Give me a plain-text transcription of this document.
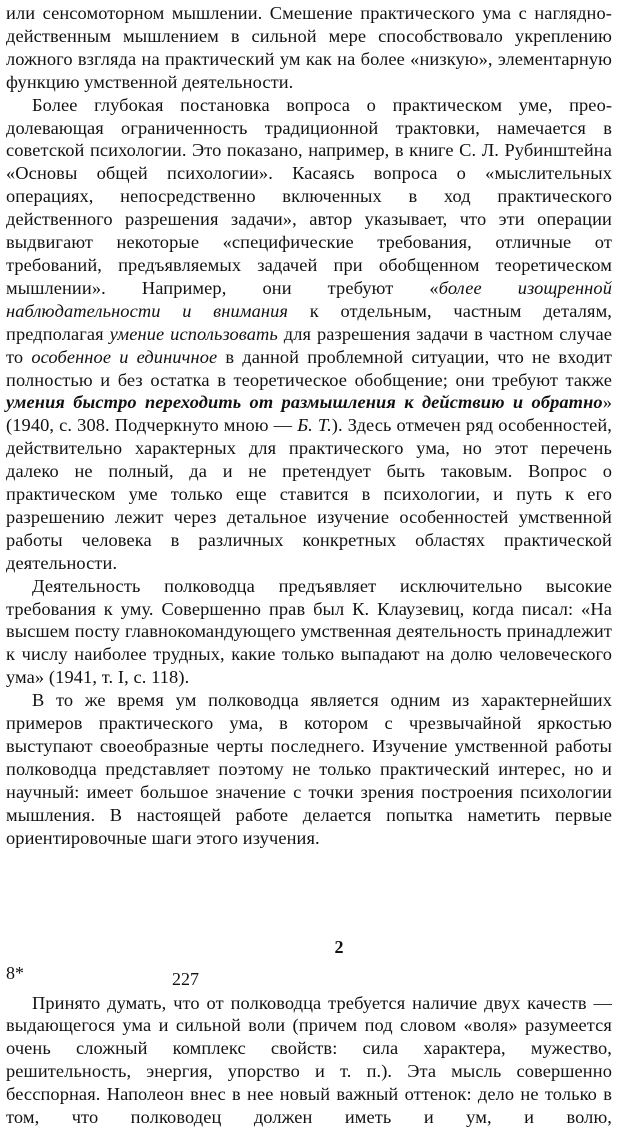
или сенсомоторном мышлении. Смешение практического ума с наглядно-действенным мышлением в сильной мере способствовало укреплению ложного взгляда на практический ум как на более «низкую», элементарную функцию умственной деятельности.

Более глубокая постановка вопроса о практическом уме, преодолевающая ограниченность традиционной трактовки, намечается в советской психологии. Это показано, например, в книге С. Л. Рубинштейна «Основы общей психологии». Касаясь вопроса о «мыслительных операциях, непосредственно включенных в ход практического действенного разрешения задачи», автор указывает, что эти операции выдвигают некоторые «специфические требования, отличные от требований, предъявляемых задачей при обобщенном теоретическом мышлении». Например, они требуют «более изощренной наблюдательности и внимания к отдельным, частным деталям, предполагая умение использовать для разрешения задачи в частном случае то особенное и единичное в данной проблемной ситуации, что не входит полностью и без остатка в теоретическое обобщение; они требуют также умения быстро переходить от размышления к действию и обратно» (1940, с. 308. Подчеркнуто мною — Б. Т.). Здесь отмечен ряд особенностей, действительно характерных для практического ума, но этот перечень далеко не полный, да и не претендует быть таковым. Вопрос о практическом уме только еще ставится в психологии, и путь к его разрешению лежит через детальное изучение особенностей умственной работы человека в различных конкретных областях практической деятельности.

Деятельность полководца предъявляет исключительно высокие требования к уму. Совершенно прав был К. Клаузевиц, когда писал: «На высшем посту главнокомандующего умственная деятельность принадлежит к числу наиболее трудных, какие только выпадают на долю человеческого ума» (1941, т. I, с. 118).

В то же время ум полководца является одним из характернейших примеров практического ума, в котором с чрезвычайной яркостью выступают своеобразные черты последнего. Изучение умственной работы полководца представляет поэтому не только практический интерес, но и научный: имеет большое значение с точки зрения построения психологии мышления. В настоящей работе делается попытка наметить первые ориентировочные шаги этого изучения.

2

Принято думать, что от полководца требуется наличие двух качеств — выдающегося ума и сильной воли (причем под словом «воля» разумеется очень сложный комплекс свойств: сила характера, мужество, решительность, энергия, упорство и т. п.). Эта мысль совершенно бесспорная. Наполеон внес в нее новый важный оттенок: дело не только в том, что полководец должен иметь и ум, и волю,

8*	227
